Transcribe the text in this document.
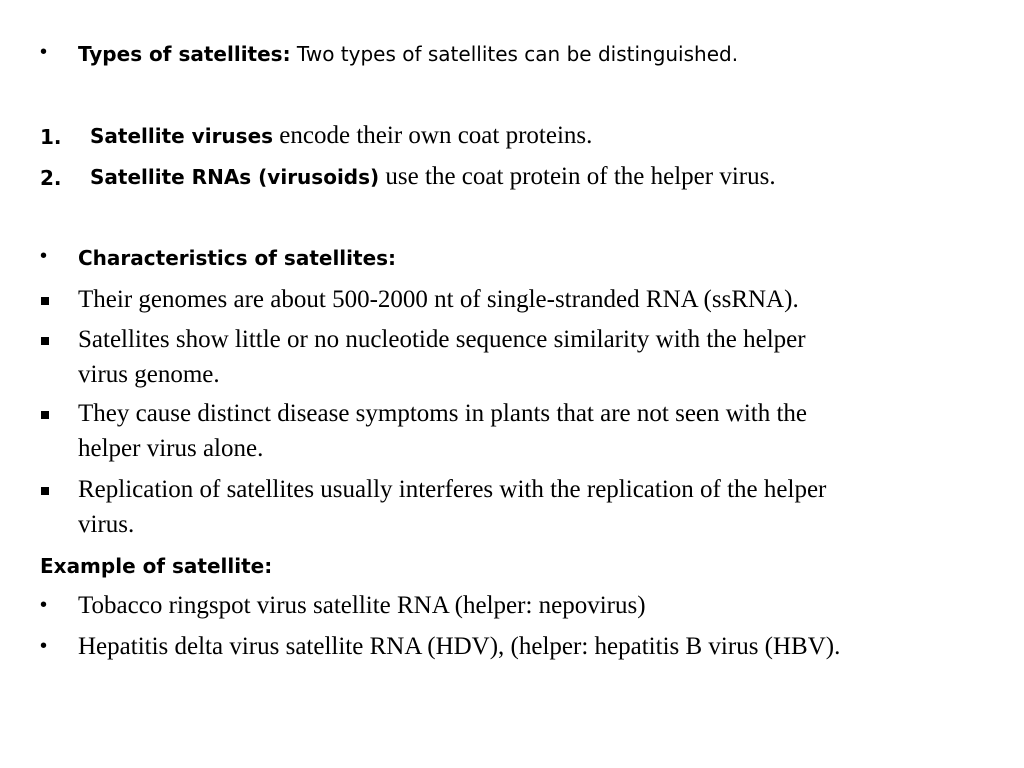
• Types of satellites: Two types of satellites can be distinguished.
1. Satellite viruses encode their own coat proteins.
2. Satellite RNAs (virusoids) use the coat protein of the helper virus.
• Characteristics of satellites:
Their genomes are about 500-2000 nt of single-stranded RNA (ssRNA).
Satellites show little or no nucleotide sequence similarity with the helper
virus genome.
They cause distinct disease symptoms in plants that are not seen with the
helper virus alone.
Replication of satellites usually interferes with the replication of the helper
virus.
Example of satellite:
• Tobacco ringspot virus satellite RNA (helper: nepovirus)
• Hepatitis delta virus satellite RNA (HDV), (helper: hepatitis B virus (HBV).
